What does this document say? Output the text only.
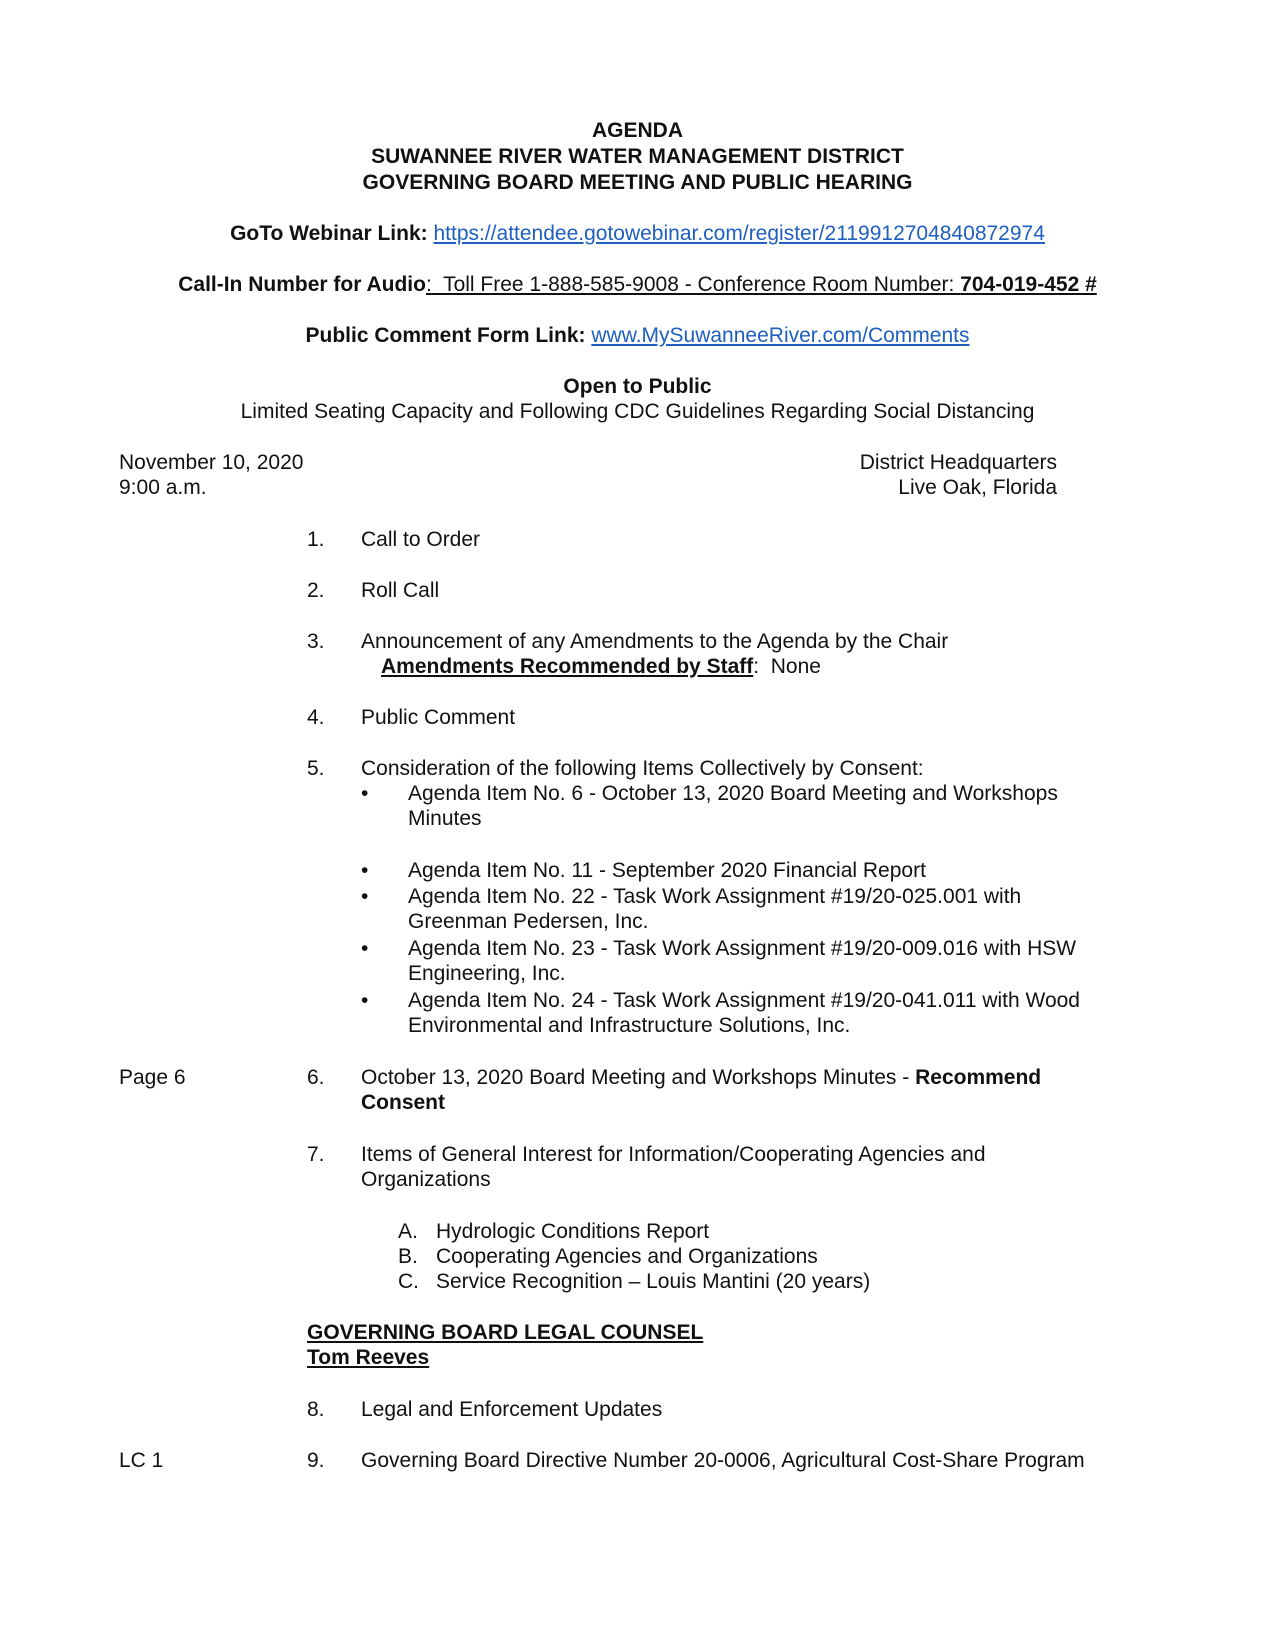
AGENDA
SUWANNEE RIVER WATER MANAGEMENT DISTRICT
GOVERNING BOARD MEETING AND PUBLIC HEARING
GoTo Webinar Link: https://attendee.gotowebinar.com/register/2119912704840872974
Call-In Number for Audio:  Toll Free 1-888-585-9008 - Conference Room Number: 704-019-452 #
Public Comment Form Link: www.MySuwanneeRiver.com/Comments
Open to Public
Limited Seating Capacity and Following CDC Guidelines Regarding Social Distancing
November 10, 2020
9:00 a.m.
District Headquarters
Live Oak, Florida
1. Call to Order
2. Roll Call
3. Announcement of any Amendments to the Agenda by the Chair
Amendments Recommended by Staff:  None
4. Public Comment
5. Consideration of the following Items Collectively by Consent:
• Agenda Item No. 6 - October 13, 2020 Board Meeting and Workshops Minutes
• Agenda Item No. 11 - September 2020 Financial Report
• Agenda Item No. 22 - Task Work Assignment #19/20-025.001 with Greenman Pedersen, Inc.
• Agenda Item No. 23 - Task Work Assignment #19/20-009.016 with HSW Engineering, Inc.
• Agenda Item No. 24 - Task Work Assignment #19/20-041.011 with Wood Environmental and Infrastructure Solutions, Inc.
Page 6	6. October 13, 2020 Board Meeting and Workshops Minutes - Recommend Consent
7. Items of General Interest for Information/Cooperating Agencies and Organizations
A. Hydrologic Conditions Report
B. Cooperating Agencies and Organizations
C. Service Recognition – Louis Mantini (20 years)
GOVERNING BOARD LEGAL COUNSEL
Tom Reeves
8. Legal and Enforcement Updates
LC 1	9. Governing Board Directive Number 20-0006, Agricultural Cost-Share Program
